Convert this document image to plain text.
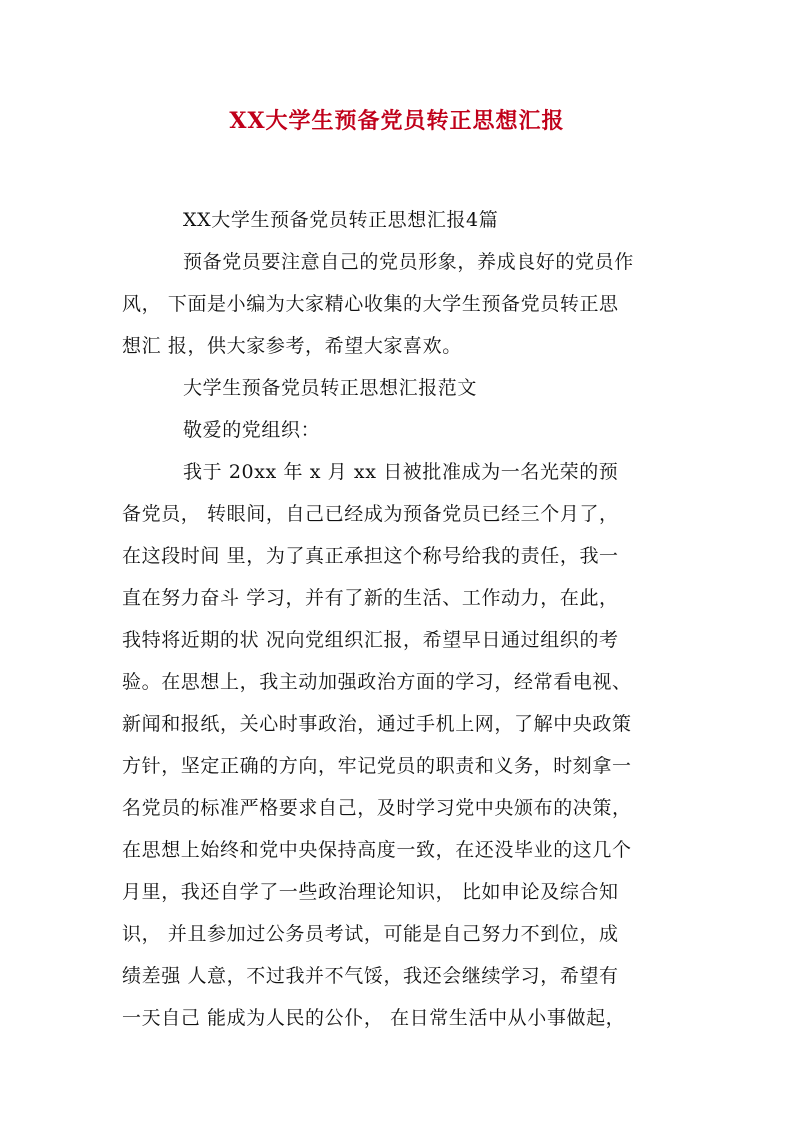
XX大学生预备党员转正思想汇报
XX大学生预备党员转正思想汇报4篇
预备党员要注意自己的党员形象，养成良好的党员作
风， 下面是小编为大家精心收集的大学生预备党员转正思
想汇 报，供大家参考，希望大家喜欢。
大学生预备党员转正思想汇报范文
敬爱的党组织：
我于 20xx 年 x 月 xx 日被批准成为一名光荣的预
备党员， 转眼间，自己已经成为预备党员已经三个月了，
在这段时间 里，为了真正承担这个称号给我的责任，我一
直在努力奋斗 学习，并有了新的生活、工作动力，在此，
我特将近期的状 况向党组织汇报，希望早日通过组织的考
验。在思想上，我主动加强政治方面的学习，经常看电视、
新闻和报纸，关心时事政治，通过手机上网，了解中央政策
方针，坚定正确的方向，牢记党员的职责和义务，时刻拿一
名党员的标准严格要求自己，及时学习党中央颁布的决策，
在思想上始终和党中央保持高度一致，在还没毕业的这几个
月里，我还自学了一些政治理论知识， 比如申论及综合知
识， 并且参加过公务员考试，可能是自己努力不到位，成
绩差强 人意，不过我并不气馁，我还会继续学习，希望有
一天自己 能成为人民的公仆， 在日常生活中从小事做起，
